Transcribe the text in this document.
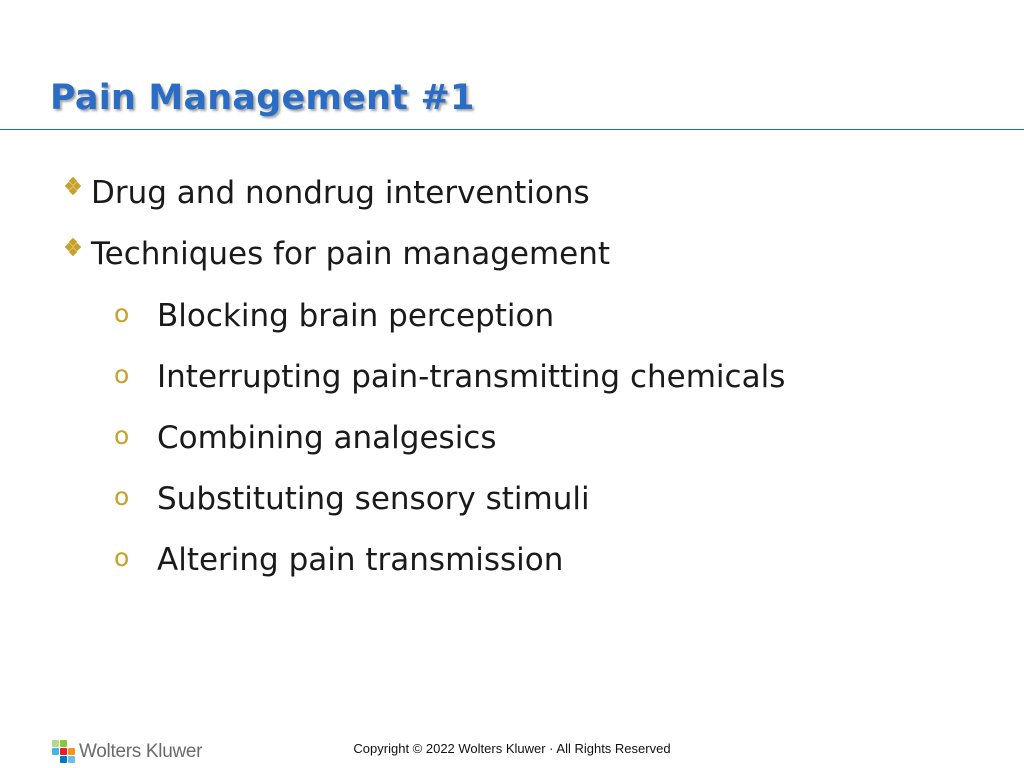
Pain Management #1
Drug and nondrug interventions
Techniques for pain management
o Blocking brain perception
o Interrupting pain-transmitting chemicals
o Combining analgesics
o Substituting sensory stimuli
o Altering pain transmission
Wolters Kluwer	Copyright © 2022 Wolters Kluwer · All Rights Reserved
